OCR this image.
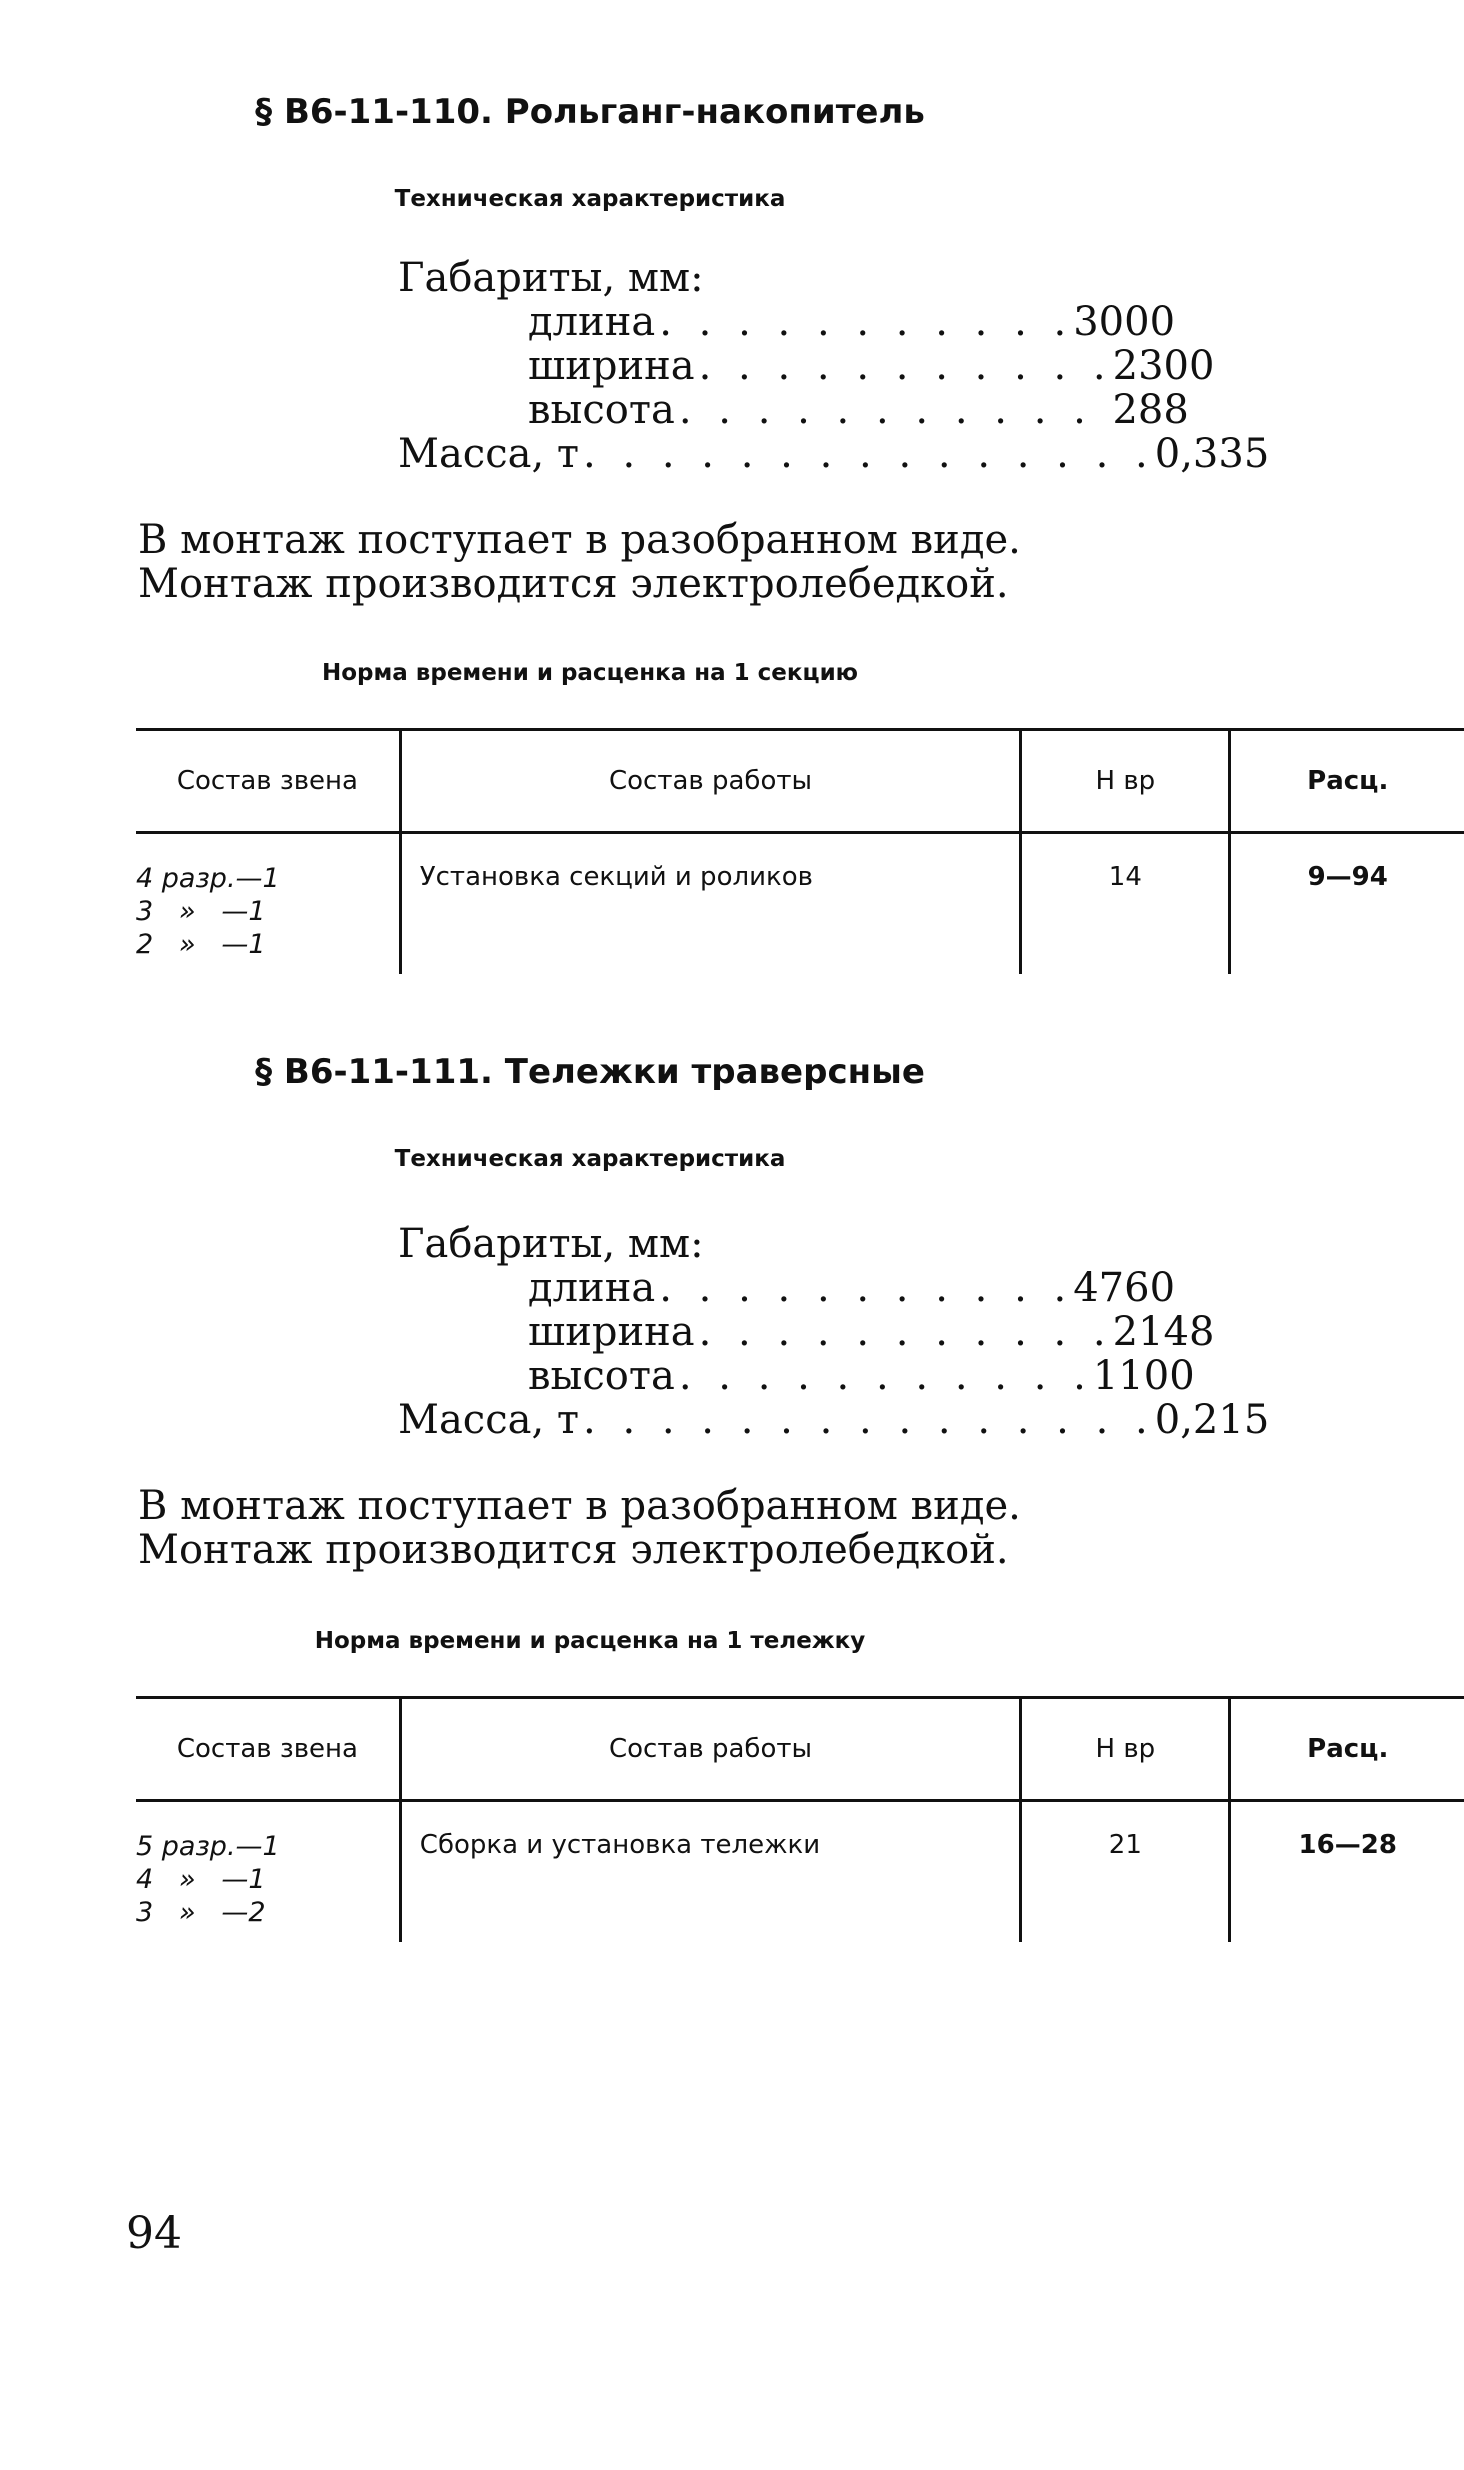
§ В6-11-110. Рольганг-накопитель
Техническая характеристика
Габариты, мм:
длина . . . . . . . . . . . 3000
ширина . . . . . . . . . . . 2300
высота . . . . . . . . . . . 288
Масса, т . . . . . . . . . . . . . . . 0,335
В монтаж поступает в разобранном виде.
Монтаж производится электролебедкой.
Норма времени и расценка на 1 секцию
Состав звена	Состав работы	Н вр	Расц.

4 разр.—1
3   »   —1
2   »   —1	Установка секций и роликов	14	9—94
§ В6-11-111. Тележки траверсные
Техническая характеристика
Габариты, мм:
длина . . . . . . . . . . . 4760
ширина . . . . . . . . . . . 2148
высота . . . . . . . . . . . 1100
Масса, т . . . . . . . . . . . . . . . 0,215
В монтаж поступает в разобранном виде.
Монтаж производится электролебедкой.
Норма времени и расценка на 1 тележку
Состав звена	Состав работы	Н вр	Расц.

5 разр.—1
4   »   —1
3   »   —2	Сборка и установка тележки	21	16—28
94
